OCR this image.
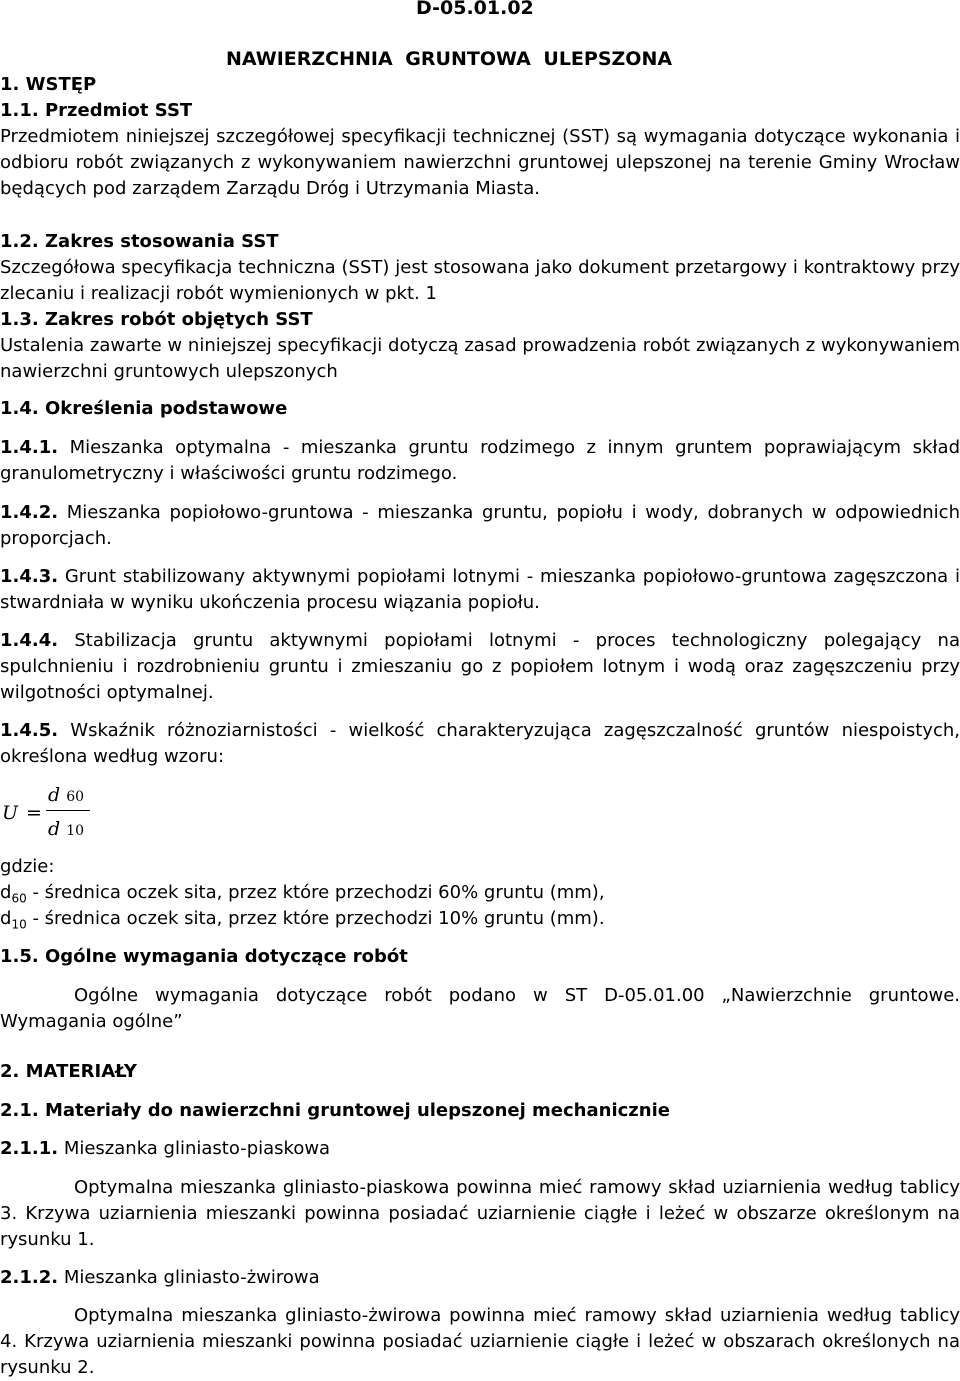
D-05.01.02
NAWIERZCHNIA GRUNTOWA ULEPSZONA
1. WSTĘP
1.1. Przedmiot SST

Przedmiotem niniejszej szczegółowej specyfikacji technicznej (SST) są wymagania dotyczące wykonania i odbioru robót związanych z wykonywaniem nawierzchni gruntowej ulepszonej na terenie Gminy Wrocław będących pod zarządem Zarządu Dróg i Utrzymania Miasta.

1.2. Zakres stosowania SST

Szczegółowa specyfikacja techniczna (SST) jest stosowana jako dokument przetargowy i kontraktowy przy zlecaniu i realizacji robót wymienionych w pkt. 1

1.3. Zakres robót objętych SST

Ustalenia zawarte w niniejszej specyfikacji dotyczą zasad prowadzenia robót związanych z wykonywaniem nawierzchni gruntowych ulepszonych

1.4. Określenia podstawowe

1.4.1. Mieszanka optymalna - mieszanka gruntu rodzimego z innym gruntem poprawiającym skład granulometryczny i właściwości gruntu rodzimego.

1.4.2. Mieszanka popiołowo-gruntowa - mieszanka gruntu, popiołu i wody, dobranych w odpowiednich proporcjach.

1.4.3. Grunt stabilizowany aktywnymi popiołami lotnymi - mieszanka popiołowo-gruntowa zagęszczona i stwardniała w wyniku ukończenia procesu wiązania popiołu.

1.4.4. Stabilizacja gruntu aktywnymi popiołami lotnymi - proces technologiczny polegający na spulchnieniu i rozdrobnieniu gruntu i zmieszaniu go z popiołem lotnym i wodą oraz zagęszczeniu przy wilgotności optymalnej.

1.4.5. Wskaźnik różnoziarnistości - wielkość charakteryzująca zagęszczalność gruntów niespoistych, określona według wzoru:

U =
d 60
d 10
gdzie:
$d_{60}$ - średnica oczek sita, przez które przechodzi 60% gruntu (mm),
$d_{10}$ - średnica oczek sita, przez które przechodzi 10% gruntu (mm).
1.5. Ogólne wymagania dotyczące robót

Ogólne wymagania dotyczące robót podano w ST D-05.01.00 „Nawierzchnie gruntowe. Wymagania ogólne”

2. MATERIAŁY
2.1. Materiały do nawierzchni gruntowej ulepszonej mechanicznie
2.1.1. Mieszanka gliniasto-piaskowa

Optymalna mieszanka gliniasto-piaskowa powinna mieć ramowy skład uziarnienia według tablicy 3. Krzywa uziarnienia mieszanki powinna posiadać uziarnienie ciągłe i leżeć w obszarze określonym na rysunku 1.

2.1.2. Mieszanka gliniasto-żwirowa

Optymalna mieszanka gliniasto-żwirowa powinna mieć ramowy skład uziarnienia według tablicy 4. Krzywa uziarnienia mieszanki powinna posiadać uziarnienie ciągłe i leżeć w obszarach określonych na rysunku 2.
